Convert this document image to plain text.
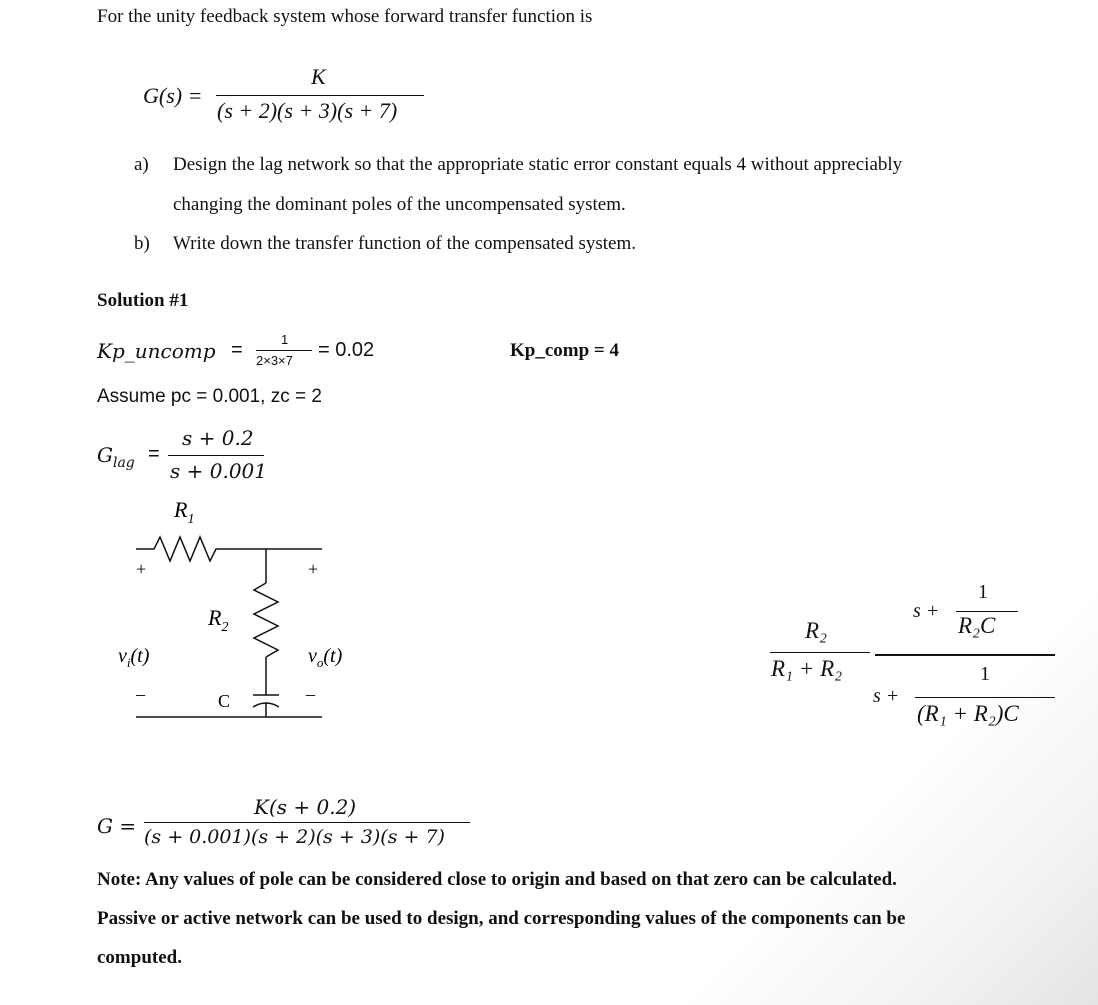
For the unity feedback system whose forward transfer function is
G(s) =
K
(s + 2)(s + 3)(s + 7)
a) Design the lag network so that the appropriate static error constant equals 4 without appreciably
changing the dominant poles of the uncompensated system.
b) Write down the transfer function of the compensated system.
Solution #1
Kp_uncomp =	1
2×3×7 = 0.02	Kp_comp = 4
Assume pc = 0.001, zc = 2
$G_{lag}$ =
s + 0.2
s + 0.001
$R_1$
$R_2$
C
+	+
–	–
$v_i(t)$	$v_o(t)$
R₂
R₁ + R₂
s +
1
R₂C
s +
1
(R₁ + R₂)C
G =
K(s + 0.2)
(s + 0.001)(s + 2)(s + 3)(s + 7)
Note: Any values of pole can be considered close to origin and based on that zero can be calculated.
Passive or active network can be used to design, and corresponding values of the components can be
computed.
